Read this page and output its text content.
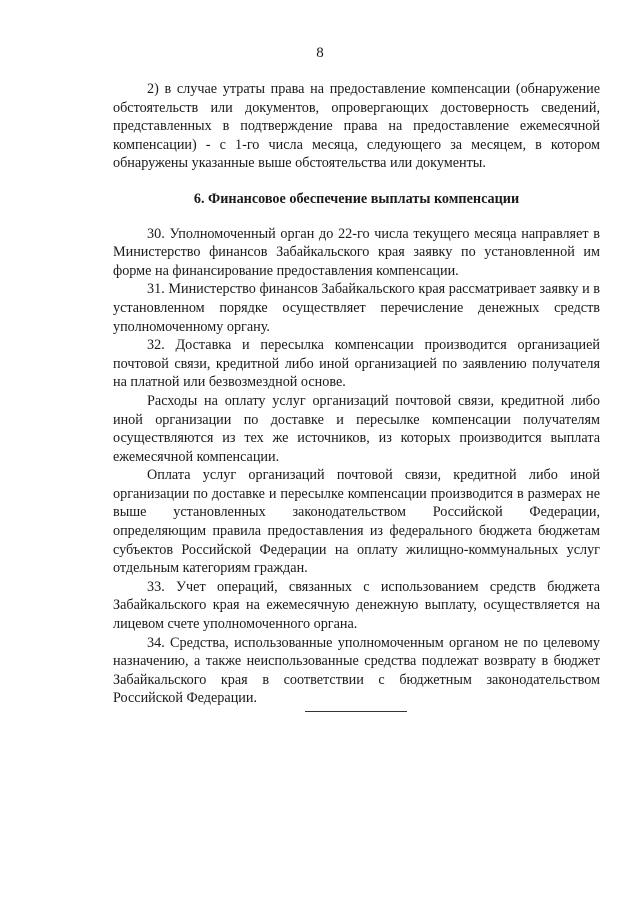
8

2) в случае утраты права на предоставление компенсации (обнаружение обстоятельств или документов, опровергающих достоверность сведений, представленных в подтверждение права на предоставление ежемесячной компенсации) - с 1-го числа месяца, следующего за месяцем, в котором обнаружены указанные выше обстоятельства или документы.

6. Финансовое обеспечение выплаты компенсации

30. Уполномоченный орган до 22-го числа текущего месяца направляет в Министерство финансов Забайкальского края заявку по установленной им форме на финансирование предоставления компенсации.

31. Министерство финансов Забайкальского края рассматривает заявку и в установленном порядке осуществляет перечисление денежных средств уполномоченному органу.

32. Доставка и пересылка компенсации производится организацией почтовой связи, кредитной либо иной организацией по заявлению получателя на платной или безвозмездной основе.

Расходы на оплату услуг организаций почтовой связи, кредитной либо иной организации по доставке и пересылке компенсации получателям осуществляются из тех же источников, из которых производится выплата ежемесячной компенсации.

Оплата услуг организаций почтовой связи, кредитной либо иной организации по доставке и пересылке компенсации производится в размерах не выше установленных законодательством Российской Федерации, определяющим правила предоставления из федерального бюджета бюджетам субъектов Российской Федерации на оплату жилищно-коммунальных услуг отдельным категориям граждан.

33. Учет операций, связанных с использованием средств бюджета Забайкальского края на ежемесячную денежную выплату, осуществляется на лицевом счете уполномоченного органа.

34. Средства, использованные уполномоченным органом не по целевому назначению, а также неиспользованные средства подлежат возврату в бюджет Забайкальского края в соответствии с бюджетным законодательством Российской Федерации.
